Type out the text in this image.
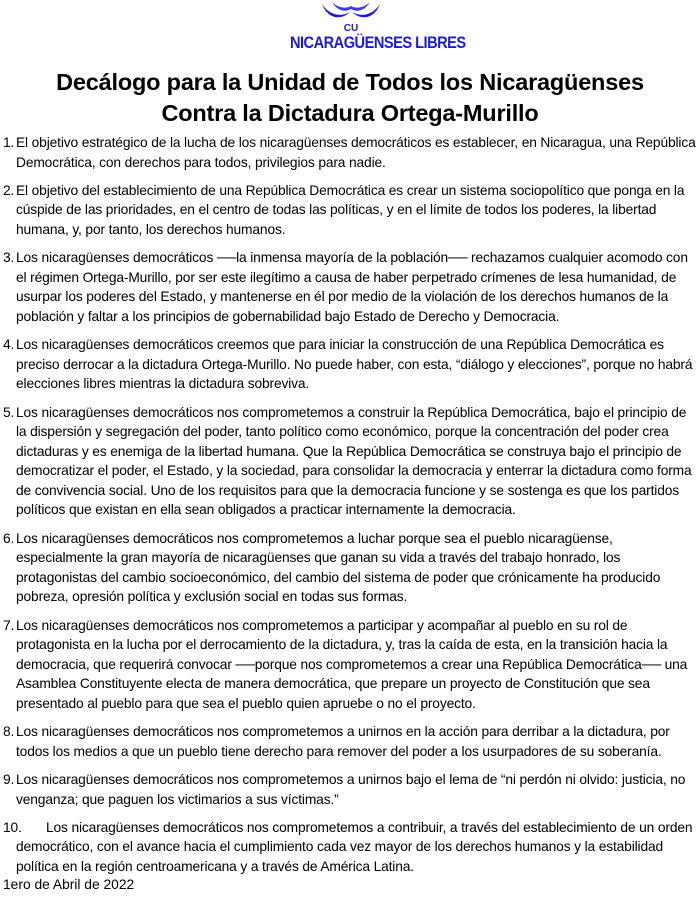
CU
NICARAGÜENSES LIBRES
Decálogo para la Unidad de Todos los Nicaragüenses
Contra la Dictadura Ortega-Murillo
1. El objetivo estratégico de la lucha de los nicaragüenses democráticos es establecer, en Nicaragua, una República Democrática, con derechos para todos, privilegios para nadie.
2. El objetivo del establecimiento de una República Democrática es crear un sistema sociopolítico que ponga en la cúspide de las prioridades, en el centro de todas las políticas, y en el límite de todos los poderes, la libertad humana, y, por tanto, los derechos humanos.
3. Los nicaragüenses democráticos ──la inmensa mayoría de la población── rechazamos cualquier acomodo con el régimen Ortega-Murillo, por ser este ilegítimo a causa de haber perpetrado crímenes de lesa humanidad, de usurpar los poderes del Estado, y mantenerse en él por medio de la violación de los derechos humanos de la población y faltar a los principios de gobernabilidad bajo Estado de Derecho y Democracia.
4. Los nicaragüenses democráticos creemos que para iniciar la construcción de una República Democrática es preciso derrocar a la dictadura Ortega-Murillo. No puede haber, con esta, “diálogo y elecciones”, porque no habrá elecciones libres mientras la dictadura sobreviva.
5. Los nicaragüenses democráticos nos comprometemos a construir la República Democrática, bajo el principio de la dispersión y segregación del poder, tanto político como económico, porque la concentración del poder crea dictaduras y es enemiga de la libertad humana. Que la República Democrática se construya bajo el principio de democratizar el poder, el Estado, y la sociedad, para consolidar la democracia y enterrar la dictadura como forma de convivencia social. Uno de los requisitos para que la democracia funcione y se sostenga es que los partidos políticos que existan en ella sean obligados a practicar internamente la democracia.
6. Los nicaragüenses democráticos nos comprometemos a luchar porque sea el pueblo nicaragüense, especialmente la gran mayoría de nicaragüenses que ganan su vida a través del trabajo honrado, los protagonistas del cambio socioeconómico, del cambio del sistema de poder que crónicamente ha producido pobreza, opresión política y exclusión social en todas sus formas.
7. Los nicaragüenses democráticos nos comprometemos a participar y acompañar al pueblo en su rol de protagonista en la lucha por el derrocamiento de la dictadura, y, tras la caída de esta, en la transición hacia la democracia, que requerirá convocar ──porque nos comprometemos a crear una República Democrática── una Asamblea Constituyente electa de manera democrática, que prepare un proyecto de Constitución que sea presentado al pueblo para que sea el pueblo quien apruebe o no el proyecto.
8. Los nicaragüenses democráticos nos comprometemos a unirnos en la acción para derribar a la dictadura, por todos los medios a que un pueblo tiene derecho para remover del poder a los usurpadores de su soberanía.
9. Los nicaragüenses democráticos nos comprometemos a unirnos bajo el lema de “ni perdón ni olvido: justicia, no venganza; que paguen los victimarios a sus víctimas.”
10. Los nicaragüenses democráticos nos comprometemos a contribuir, a través del establecimiento de un orden democrático, con el avance hacia el cumplimiento cada vez mayor de los derechos humanos y la estabilidad política en la región centroamericana y a través de América Latina.
1ero de Abril de 2022
